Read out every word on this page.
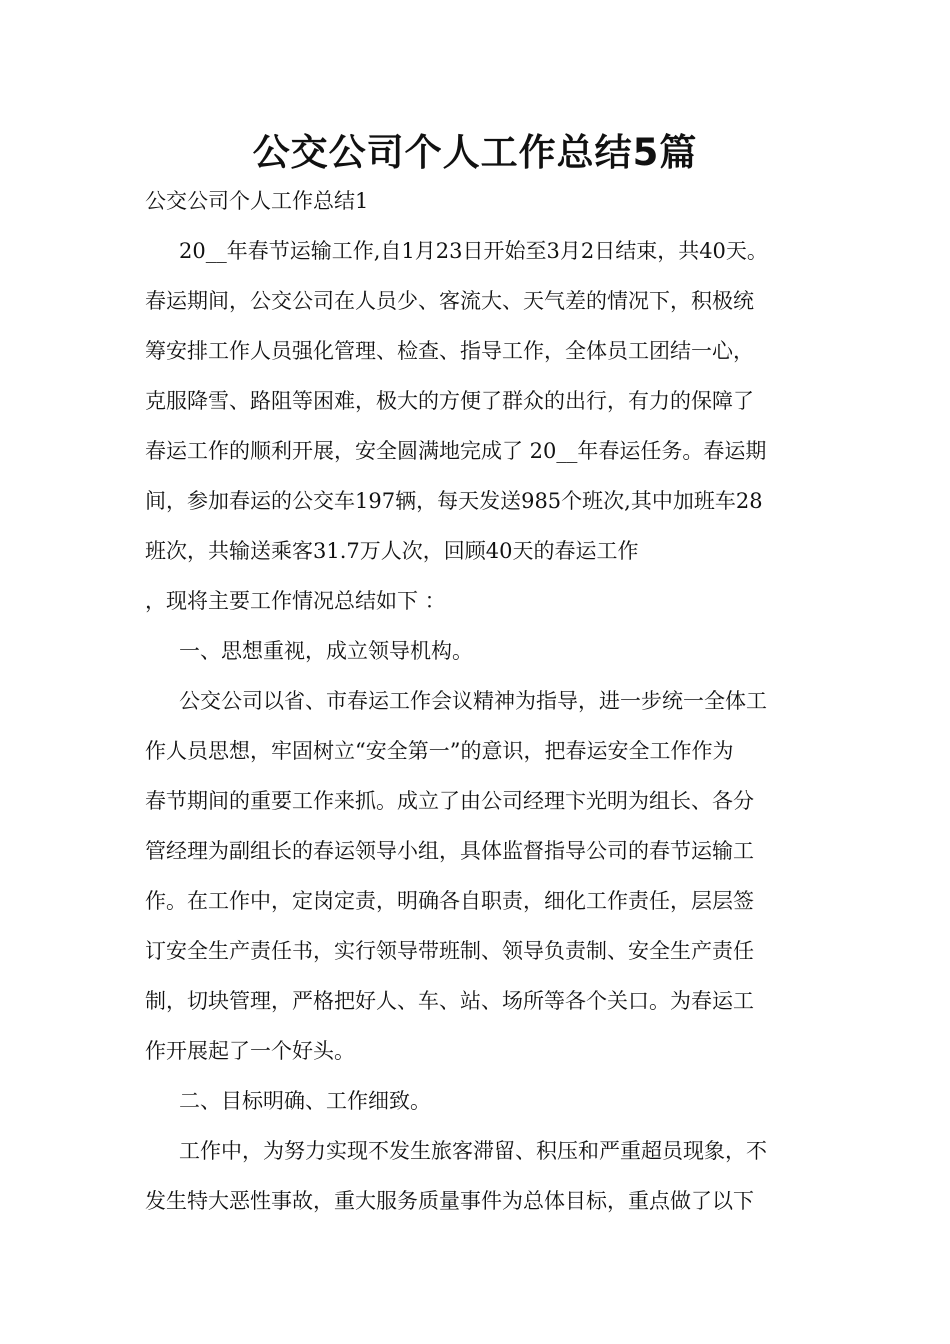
公交公司个人工作总结5篇

公交公司个人工作总结1

20__年春节运输工作,自1月23日开始至3月2日结束，共40天。

春运期间，公交公司在人员少、客流大、天气差的情况下，积极统

筹安排工作人员强化管理、检查、指导工作，全体员工团结一心，

克服降雪、路阻等困难，极大的方便了群众的出行，有力的保障了

春运工作的顺利开展，安全圆满地完成了 20__年春运任务。春运期

间，参加春运的公交车197辆，每天发送985个班次,其中加班车28

班次，共输送乘客31.7万人次，回顾40天的春运工作

，现将主要工作情况总结如下 ：

一、思想重视，成立领导机构。

公交公司以省、市春运工作会议精神为指导，进一步统一全体工

作人员思想，牢固树立“安全第一”的意识，把春运安全工作作为

春节期间的重要工作来抓。成立了由公司经理卞光明为组长、各分

管经理为副组长的春运领导小组，具体监督指导公司的春节运输工

作。在工作中，定岗定责，明确各自职责，细化工作责任，层层签

订安全生产责任书，实行领导带班制、领导负责制、安全生产责任

制，切块管理，严格把好人、车、站、场所等各个关口。为春运工

作开展起了一个好头。

二、目标明确、工作细致。

工作中，为努力实现不发生旅客滞留、积压和严重超员现象，不

发生特大恶性事故，重大服务质量事件为总体目标，重点做了以下
